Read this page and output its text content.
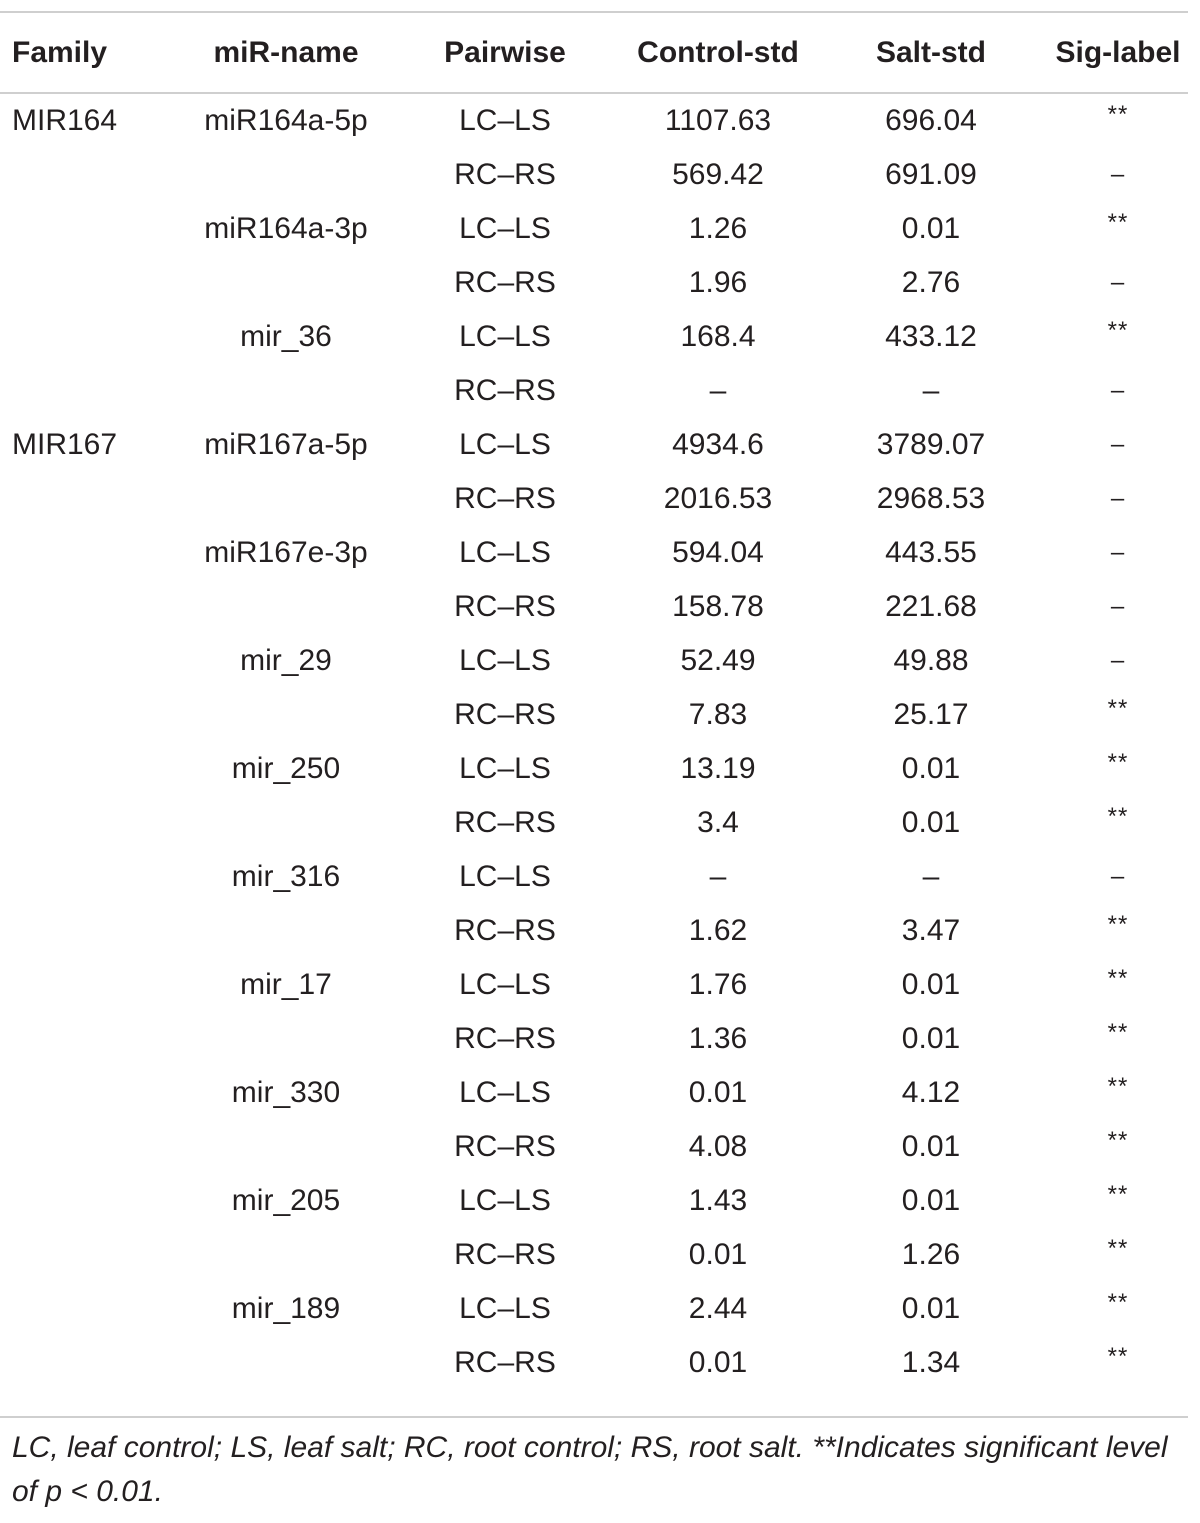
Family	miR-name	Pairwise	Control-std	Salt-std	Sig-label
MIR164	miR164a-5p	LC–LS	1107.63	696.04	**
		RC–RS	569.42	691.09	–
	miR164a-3p	LC–LS	1.26	0.01	**
		RC–RS	1.96	2.76	–
	mir_36	LC–LS	168.4	433.12	**
		RC–RS	–	–	–
MIR167	miR167a-5p	LC–LS	4934.6	3789.07	–
		RC–RS	2016.53	2968.53	–
	miR167e-3p	LC–LS	594.04	443.55	–
		RC–RS	158.78	221.68	–
	mir_29	LC–LS	52.49	49.88	–
		RC–RS	7.83	25.17	**
	mir_250	LC–LS	13.19	0.01	**
		RC–RS	3.4	0.01	**
	mir_316	LC–LS	–	–	–
		RC–RS	1.62	3.47	**
	mir_17	LC–LS	1.76	0.01	**
		RC–RS	1.36	0.01	**
	mir_330	LC–LS	0.01	4.12	**
		RC–RS	4.08	0.01	**
	mir_205	LC–LS	1.43	0.01	**
		RC–RS	0.01	1.26	**
	mir_189	LC–LS	2.44	0.01	**
		RC–RS	0.01	1.34	**
LC, leaf control; LS, leaf salt; RC, root control; RS, root salt. **Indicates significant level of p < 0.01.
